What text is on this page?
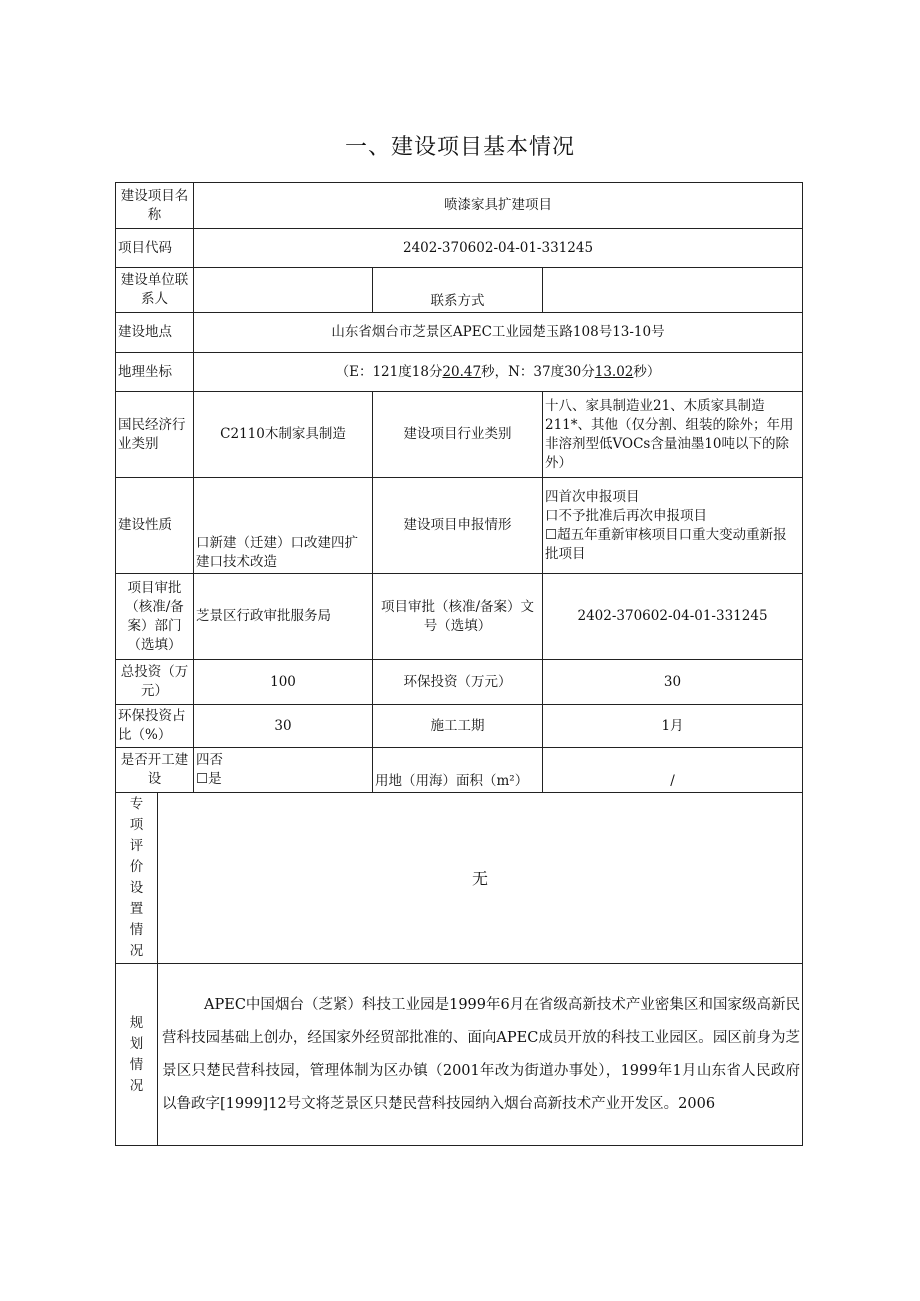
一、建设项目基本情况
建设项目名称		喷漆家具扩建项目		
项目代码		2402-370602-04-01-331245		
建设单位联系人			联系方式	
建设地点		山东省烟台市芝景区APEC工业园楚玉路108号13-10号		
地理坐标		（E：121度18分20.47秒，N：37度30分13.02秒）		
国民经济行业类别		C2110木制家具制造	建设项目行业类别	十八、家具制造业21、木质家具制造211*、其他（仅分割、组装的除外；年用非溶剂型低VOCs含量油墨10吨以下的除外）
建设性质		口新建（迁建）口改建四扩建口技术改造	建设项目申报情形	四首次申报项目
口不予批准后再次申报项目
☐超五年重新审核项目口重大变动重新报批项目

项目审批（核准/备案）部门（选填）		芝景区行政审批服务局	项目审批（核准/备案）文号（选填）	2402-370602-04-01-331245
总投资（万元）		100	环保投资（万元）	30
环保投资占比（%）		30	施工工期	1月
是否开工建设		四否
☐是	用地（用海）面积（m²）	/

专项评价设置情况	无			

规划情况	APEC中国烟台（芝紧）科技工业园是1999年6月在省级高新技术产业密集区和国家级高新民营科技园基础上创办，经国家外经贸部批准的、面向APEC成员开放的科技工业园区。园区前身为芝景区只楚民营科技园，管理体制为区办镇（2001年改为街道办事处），1999年1月山东省人民政府以鲁政字[1999]12号文将芝景区只楚民营科技园纳入烟台高新技术产业开发区。2006			
